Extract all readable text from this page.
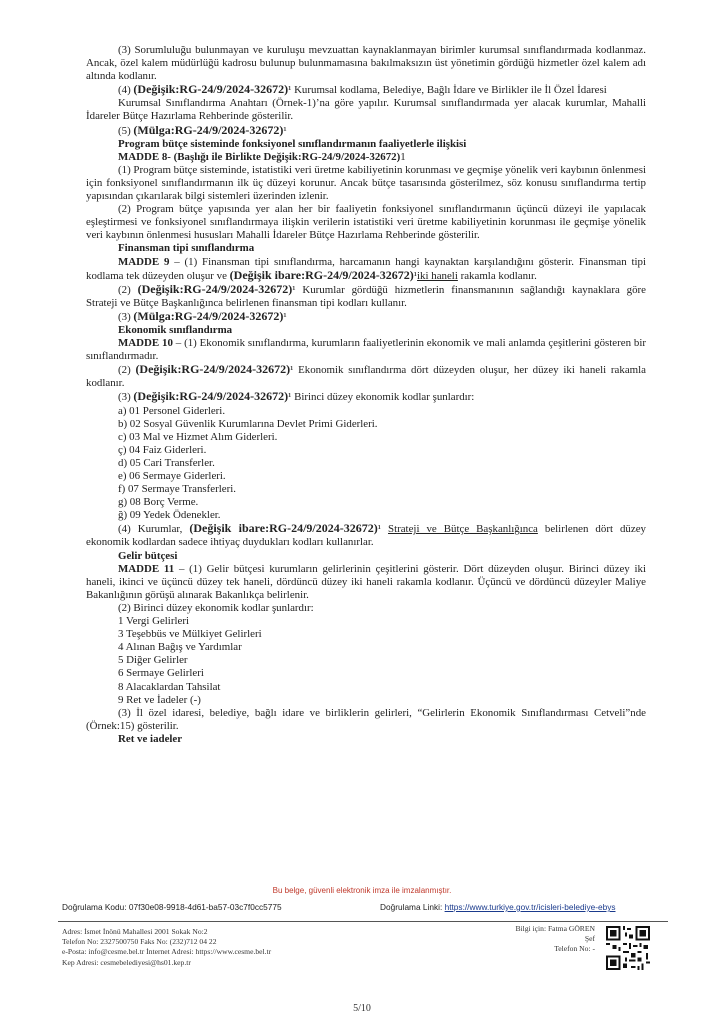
(3) Sorumluluğu bulunmayan ve kuruluşu mevzuattan kaynaklanmayan birimler kurumsal sınıflandırmada kodlanmaz. Ancak, özel kalem müdürlüğü kadrosu bulunup bulunmamasına bakılmaksızın üst yönetimin gördüğü hizmetler özel kalem adı altında kodlanır.

(4) (Değişik:RG-24/9/2024-32672)¹ Kurumsal kodlama, Belediye, Bağlı İdare ve Birlikler ile İl Özel İdaresi

Kurumsal Sınıflandırma Anahtarı (Örnek-1)’na göre yapılır. Kurumsal sınıflandırmada yer alacak kurumlar, Mahalli İdareler Bütçe Hazırlama Rehberinde gösterilir.

(5) (Mülga:RG-24/9/2024-32672)¹

Program bütçe sisteminde fonksiyonel sınıflandırmanın faaliyetlerle ilişkisi

MADDE 8- (Başlığı ile Birlikte Değişik:RG-24/9/2024-32672)1

(1) Program bütçe sisteminde, istatistiki veri üretme kabiliyetinin korunması ve geçmişe yönelik veri kaybının önlenmesi için fonksiyonel sınıflandırmanın ilk üç düzeyi korunur. Ancak bütçe tasarısında gösterilmez, söz konusu sınıflandırma tertip yapısından çıkarılarak bilgi sistemleri üzerinden izlenir.

(2) Program bütçe yapısında yer alan her bir faaliyetin fonksiyonel sınıflandırmanın üçüncü düzeyi ile yapılacak eşleştirmesi ve fonksiyonel sınıflandırmaya ilişkin verilerin istatistiki veri üretme kabiliyetinin korunması ile geçmişe yönelik veri kaybının önlenmesi hususları Mahalli İdareler Bütçe Hazırlama Rehberinde gösterilir.

Finansman tipi sınıflandırma

MADDE 9 – (1) Finansman tipi sınıflandırma, harcamanın hangi kaynaktan karşılandığını gösterir. Finansman tipi kodlama tek düzeyden oluşur ve (Değişik ibare:RG-24/9/2024-32672)¹iki haneli rakamla kodlanır.

(2) (Değişik:RG-24/9/2024-32672)¹ Kurumlar gördüğü hizmetlerin finansmanının sağlandığı kaynaklara göre Strateji ve Bütçe Başkanlığınca belirlenen finansman tipi kodları kullanır.

(3) (Mülga:RG-24/9/2024-32672)¹

Ekonomik sınıflandırma

MADDE 10 – (1) Ekonomik sınıflandırma, kurumların faaliyetlerinin ekonomik ve mali anlamda çeşitlerini gösteren bir sınıflandırmadır.

(2) (Değişik:RG-24/9/2024-32672)¹ Ekonomik sınıflandırma dört düzeyden oluşur, her düzey iki haneli rakamla kodlanır.

(3) (Değişik:RG-24/9/2024-32672)¹ Birinci düzey ekonomik kodlar şunlardır:

a) 01 Personel Giderleri.

b) 02 Sosyal Güvenlik Kurumlarına Devlet Primi Giderleri.

c) 03 Mal ve Hizmet Alım Giderleri.

ç) 04 Faiz Giderleri.

d) 05 Cari Transferler.

e) 06 Sermaye Giderleri.

f) 07 Sermaye Transferleri.

g) 08 Borç Verme.

ğ) 09 Yedek Ödenekler.

(4) Kurumlar, (Değişik ibare:RG-24/9/2024-32672)¹ Strateji ve Bütçe Başkanlığınca belirlenen dört düzey ekonomik kodlardan sadece ihtiyaç duydukları kodları kullanırlar.

Gelir bütçesi

MADDE 11 – (1) Gelir bütçesi kurumların gelirlerinin çeşitlerini gösterir. Dört düzeyden oluşur. Birinci düzey iki haneli, ikinci ve üçüncü düzey tek haneli, dördüncü düzey iki haneli rakamla kodlanır. Üçüncü ve dördüncü düzeyler Maliye Bakanlığının görüşü alınarak Bakanlıkça belirlenir.

(2) Birinci düzey ekonomik kodlar şunlardır:

1 Vergi Gelirleri

3 Teşebbüs ve Mülkiyet Gelirleri

4 Alınan Bağış ve Yardımlar

5 Diğer Gelirler

6 Sermaye Gelirleri

8 Alacaklardan Tahsilat

9 Ret ve İadeler (-)

(3) İl özel idaresi, belediye, bağlı idare ve birliklerin gelirleri, “Gelirlerin Ekonomik Sınıflandırması Cetveli”nde (Örnek:15) gösterilir.

Ret ve iadeler

Bu belge, güvenli elektronik imza ile imzalanmıştır.
Doğrulama Kodu: 07f30e08-9918-4d61-ba57-03c7f0cc5775	Doğrulama Linki: https://www.turkiye.gov.tr/icisleri-belediye-ebys
Adres: İsmet İnönü Mahallesi 2001 Sokak No:2
Telefon No: 2327500750 Faks No: (232)712 04 22
e-Posta: info@cesme.bel.tr İnternet Adresi: https://www.cesme.bel.tr
Kep Adresi: cesmebelediyesi@hs01.kep.tr
Bilgi için: Fatma GÖREN
Şef
Telefon No: -
5/10
